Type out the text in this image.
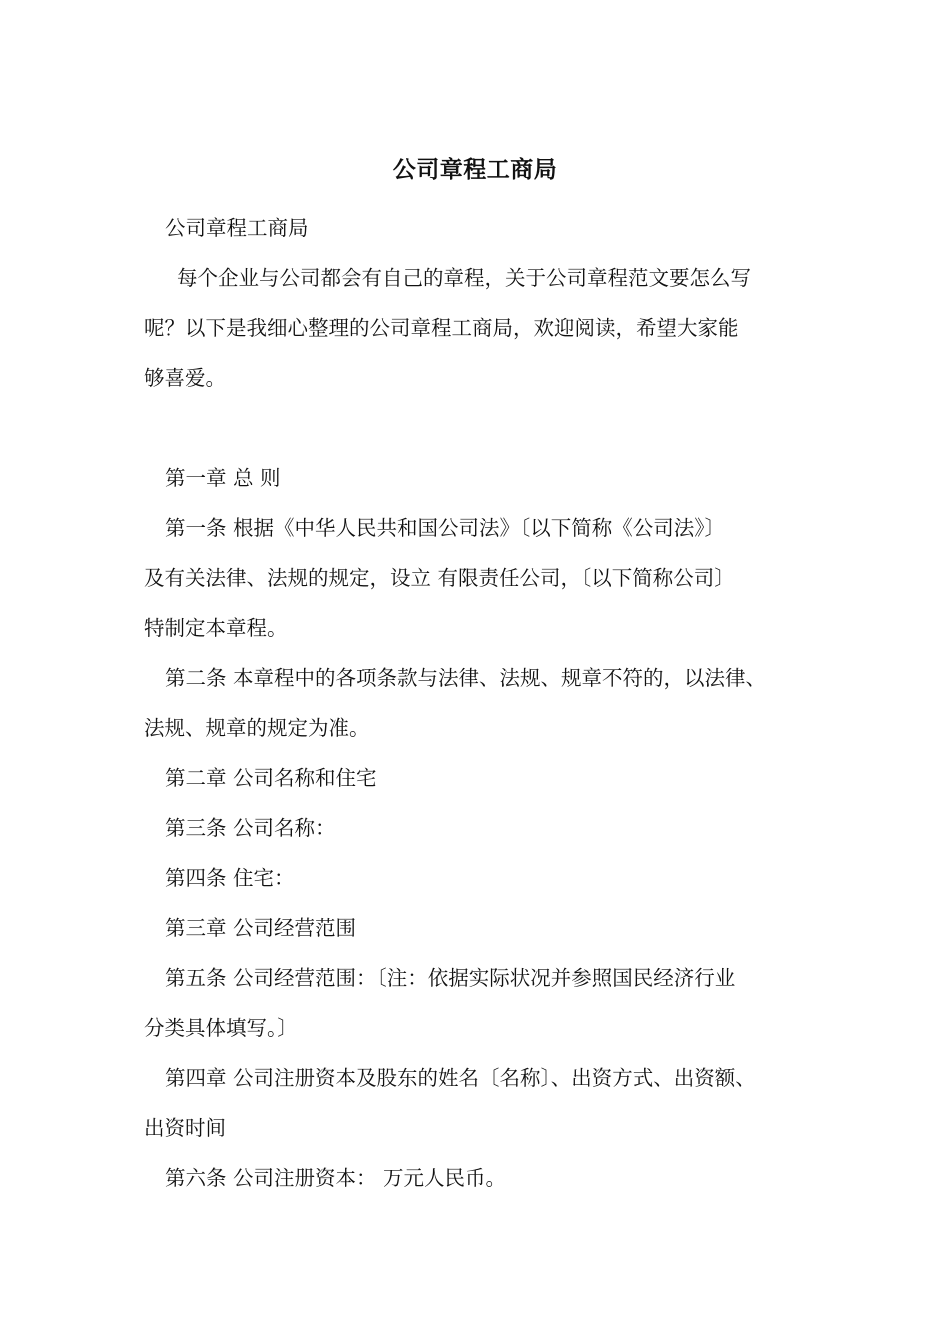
公司章程工商局

公司章程工商局

每个企业与公司都会有自己的章程，关于公司章程范文要怎么写

呢？以下是我细心整理的公司章程工商局，欢迎阅读，希望大家能

够喜爱。

第一章 总 则

第一条 根据《中华人民共和国公司法》〔以下简称《公司法》〕

及有关法律、法规的规定，设立 有限责任公司，〔以下简称公司〕

特制定本章程。

第二条 本章程中的各项条款与法律、法规、规章不符的，以法律、

法规、规章的规定为准。

第二章 公司名称和住宅

第三条 公司名称：

第四条 住宅：

第三章 公司经营范围

第五条 公司经营范围：〔注：依据实际状况并参照国民经济行业

分类具体填写。〕

第四章 公司注册资本及股东的姓名〔名称〕、出资方式、出资额、

出资时间

第六条 公司注册资本： 万元人民币。
